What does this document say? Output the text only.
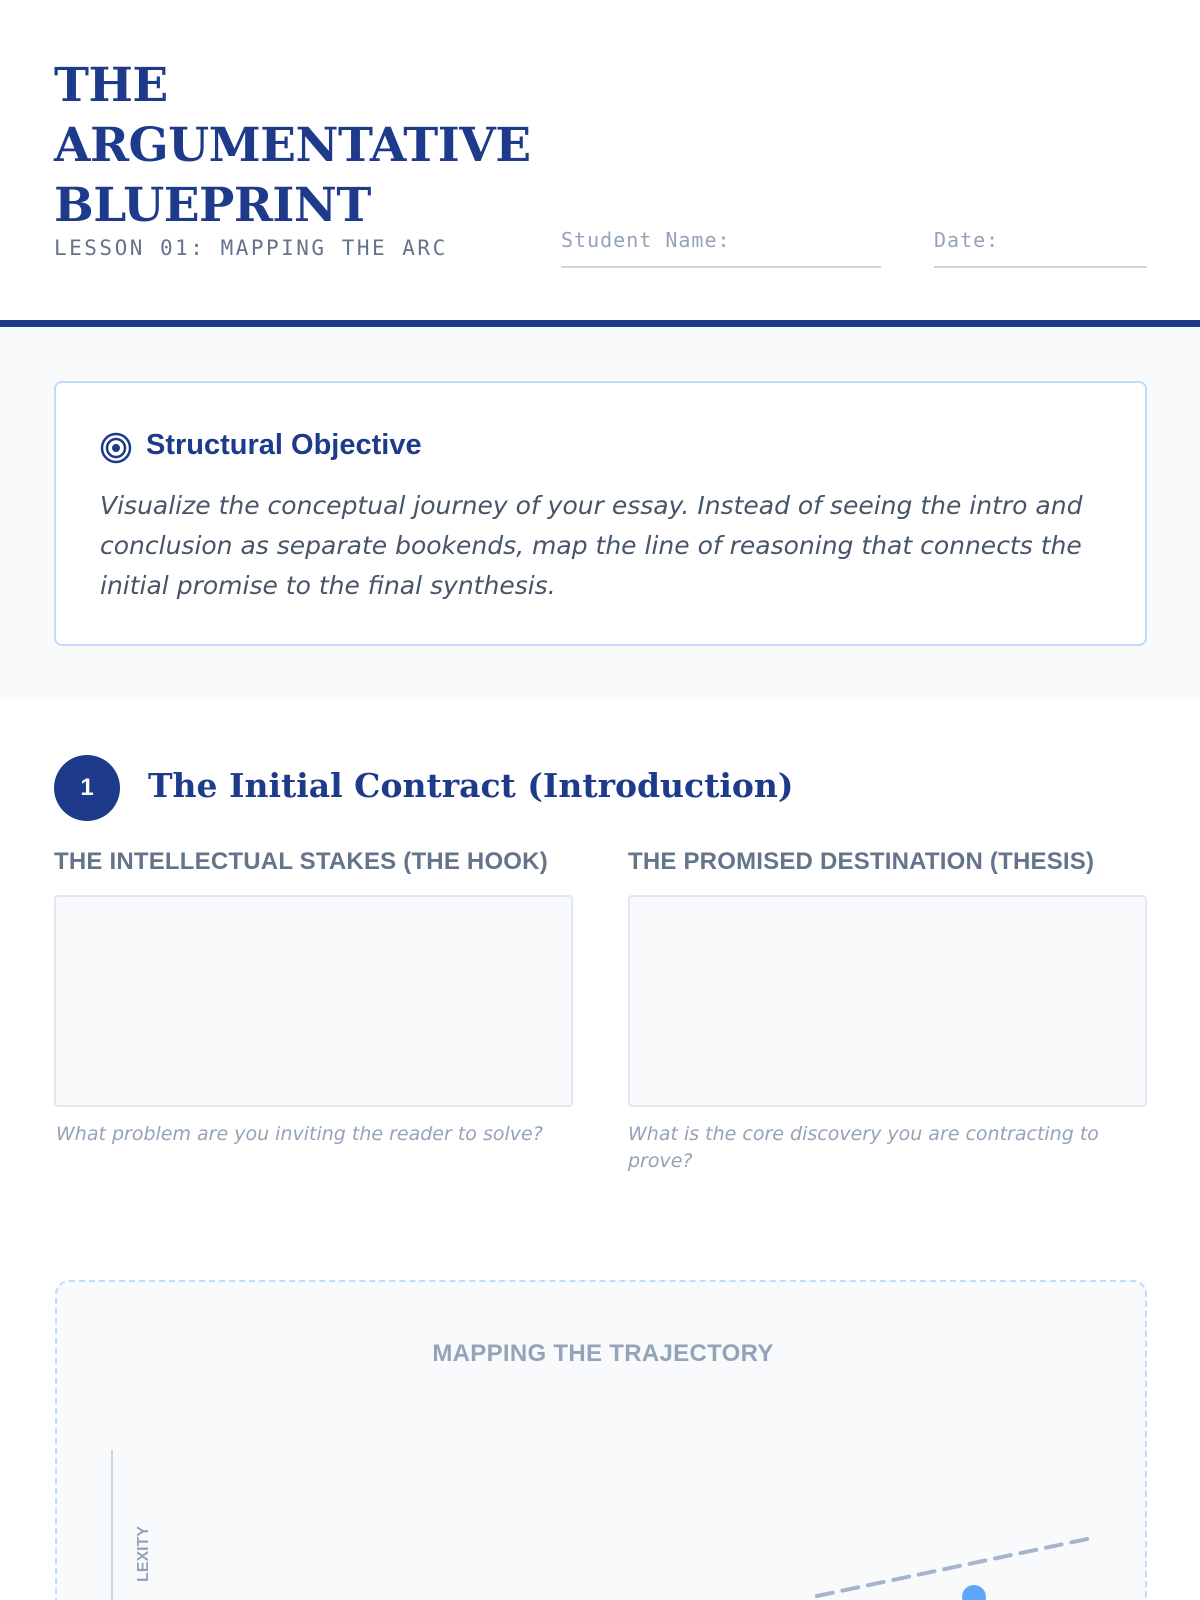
THE
ARGUMENTATIVE
BLUEPRINT
LESSON 01: MAPPING THE ARC	Student Name:	Date:
Structural Objective
Visualize the conceptual journey of your essay. Instead of seeing the intro and conclusion as separate bookends, map the line of reasoning that connects the initial promise to the final synthesis.
1	The Initial Contract (Introduction)
THE INTELLECTUAL STAKES (THE HOOK)	THE PROMISED DESTINATION (THESIS)
What problem are you inviting the reader to solve?	What is the core discovery you are contracting to prove?
MAPPING THE TRAJECTORY
LEXITY
